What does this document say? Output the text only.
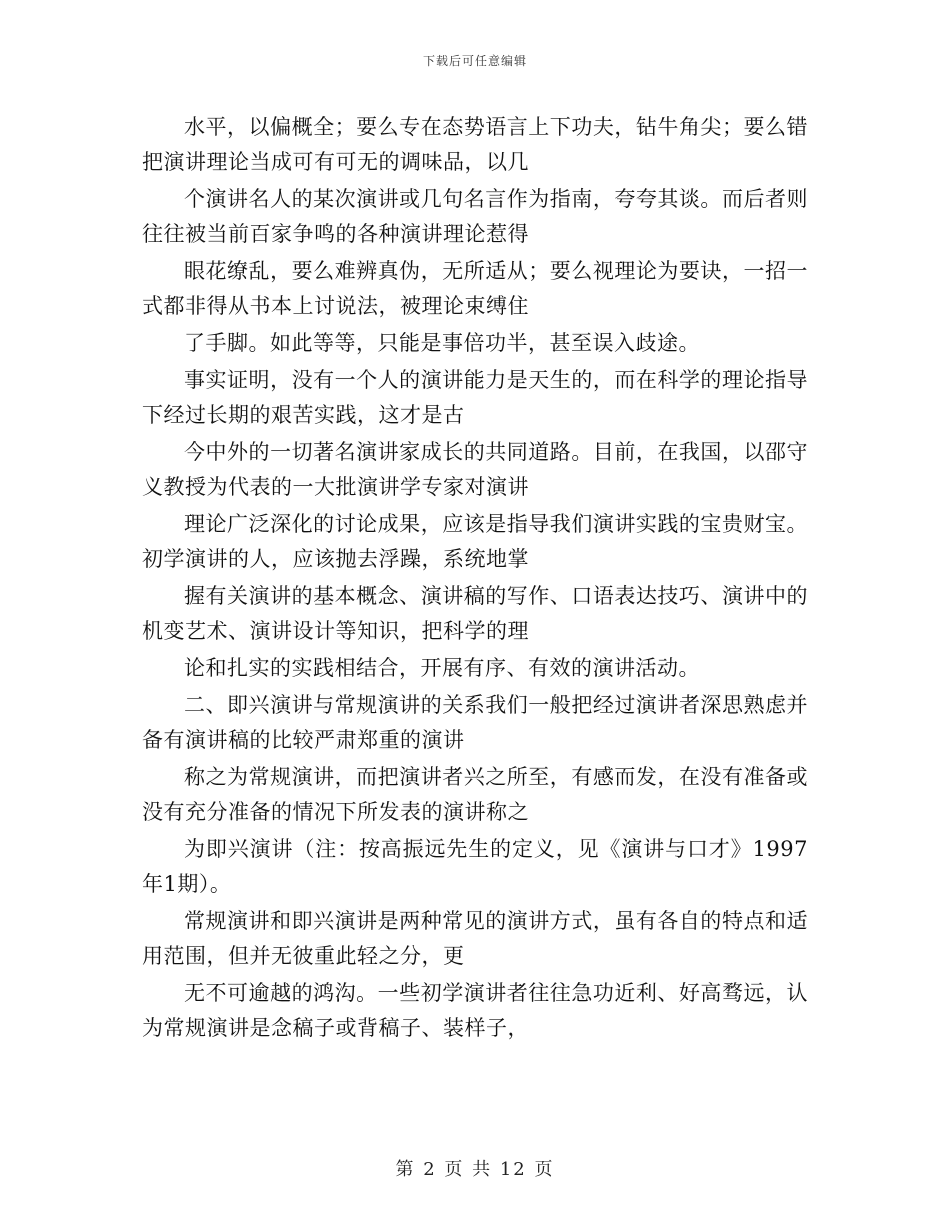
下载后可任意编辑

水平，以偏概全；要么专在态势语言上下功夫，钻牛角尖；要么错把演讲理论当成可有可无的调味品，以几

个演讲名人的某次演讲或几句名言作为指南，夸夸其谈。而后者则往往被当前百家争鸣的各种演讲理论惹得

眼花缭乱，要么难辨真伪，无所适从；要么视理论为要诀，一招一式都非得从书本上讨说法，被理论束缚住

了手脚。如此等等，只能是事倍功半，甚至误入歧途。

事实证明，没有一个人的演讲能力是天生的，而在科学的理论指导下经过长期的艰苦实践，这才是古

今中外的一切著名演讲家成长的共同道路。目前，在我国，以邵守义教授为代表的一大批演讲学专家对演讲

理论广泛深化的讨论成果，应该是指导我们演讲实践的宝贵财宝。初学演讲的人，应该抛去浮躁，系统地掌

握有关演讲的基本概念、演讲稿的写作、口语表达技巧、演讲中的机变艺术、演讲设计等知识，把科学的理

论和扎实的实践相结合，开展有序、有效的演讲活动。

二、即兴演讲与常规演讲的关系我们一般把经过演讲者深思熟虑并备有演讲稿的比较严肃郑重的演讲

称之为常规演讲，而把演讲者兴之所至，有感而发，在没有准备或没有充分准备的情况下所发表的演讲称之

为即兴演讲（注：按高振远先生的定义，见《演讲与口才》1997年1期）。

常规演讲和即兴演讲是两种常见的演讲方式，虽有各自的特点和适用范围，但并无彼重此轻之分，更

无不可逾越的鸿沟。一些初学演讲者往往急功近利、好高骛远，认为常规演讲是念稿子或背稿子、装样子，

第 2 页 共 12 页
